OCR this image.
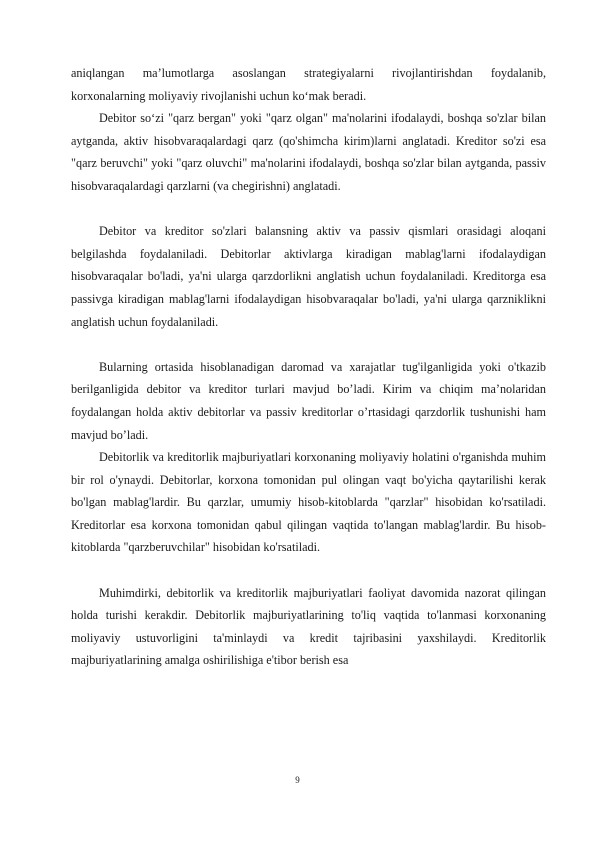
aniqlangan ma’lumotlarga asoslangan strategiyalarni rivojlantirishdan foydalanib, korxonalarning moliyaviy rivojlanishi uchun ko‘mak beradi.

Debitor so‘zi "qarz bergan" yoki "qarz olgan" ma'nolarini ifodalaydi, boshqa so'zlar bilan aytganda, aktiv hisobvaraqalardagi qarz (qo'shimcha kirim)larni anglatadi. Kreditor so'zi esa "qarz beruvchi" yoki "qarz oluvchi" ma'nolarini ifodalaydi, boshqa so'zlar bilan aytganda, passiv hisobvaraqalardagi qarzlarni (va chegirishni) anglatadi.

Debitor va kreditor so'zlari balansning aktiv va passiv qismlari orasidagi aloqani belgilashda foydalaniladi. Debitorlar aktivlarga kiradigan mablag'larni ifodalaydigan hisobvaraqalar bo'ladi, ya'ni ularga qarzdorlikni anglatish uchun foydalaniladi. Kreditorga esa passivga kiradigan mablag'larni ifodalaydigan hisobvaraqalar bo'ladi, ya'ni ularga qarzniklikni anglatish uchun foydalaniladi.

Bularning ortasida hisoblanadigan daromad va xarajatlar tug'ilganligida yoki o'tkazib berilganligida debitor va kreditor turlari mavjud bo’ladi. Kirim va chiqim ma’nolaridan foydalangan holda aktiv debitorlar va passiv kreditorlar o’rtasidagi qarzdorlik tushunishi ham mavjud bo’ladi.

Debitorlik va kreditorlik majburiyatlari korxonaning moliyaviy holatini o'rganishda muhim bir rol o'ynaydi. Debitorlar, korxona tomonidan pul olingan vaqt bo'yicha qaytarilishi kerak bo'lgan mablag'lardir. Bu qarzlar, umumiy hisob-kitoblarda "qarzlar" hisobidan ko'rsatiladi. Kreditorlar esa korxona tomonidan qabul qilingan vaqtida to'langan mablag'lardir. Bu hisob-kitoblarda "qarzberuvchilar" hisobidan ko'rsatiladi.

Muhimdirki, debitorlik va kreditorlik majburiyatlari faoliyat davomida nazorat qilingan holda turishi kerakdir. Debitorlik majburiyatlarining to'liq vaqtida to'lanmasi korxonaning moliyaviy ustuvorligini ta'minlaydi va kredit tajribasini yaxshilaydi. Kreditorlik majburiyatlarining amalga oshirilishiga e'tibor berish esa

9
